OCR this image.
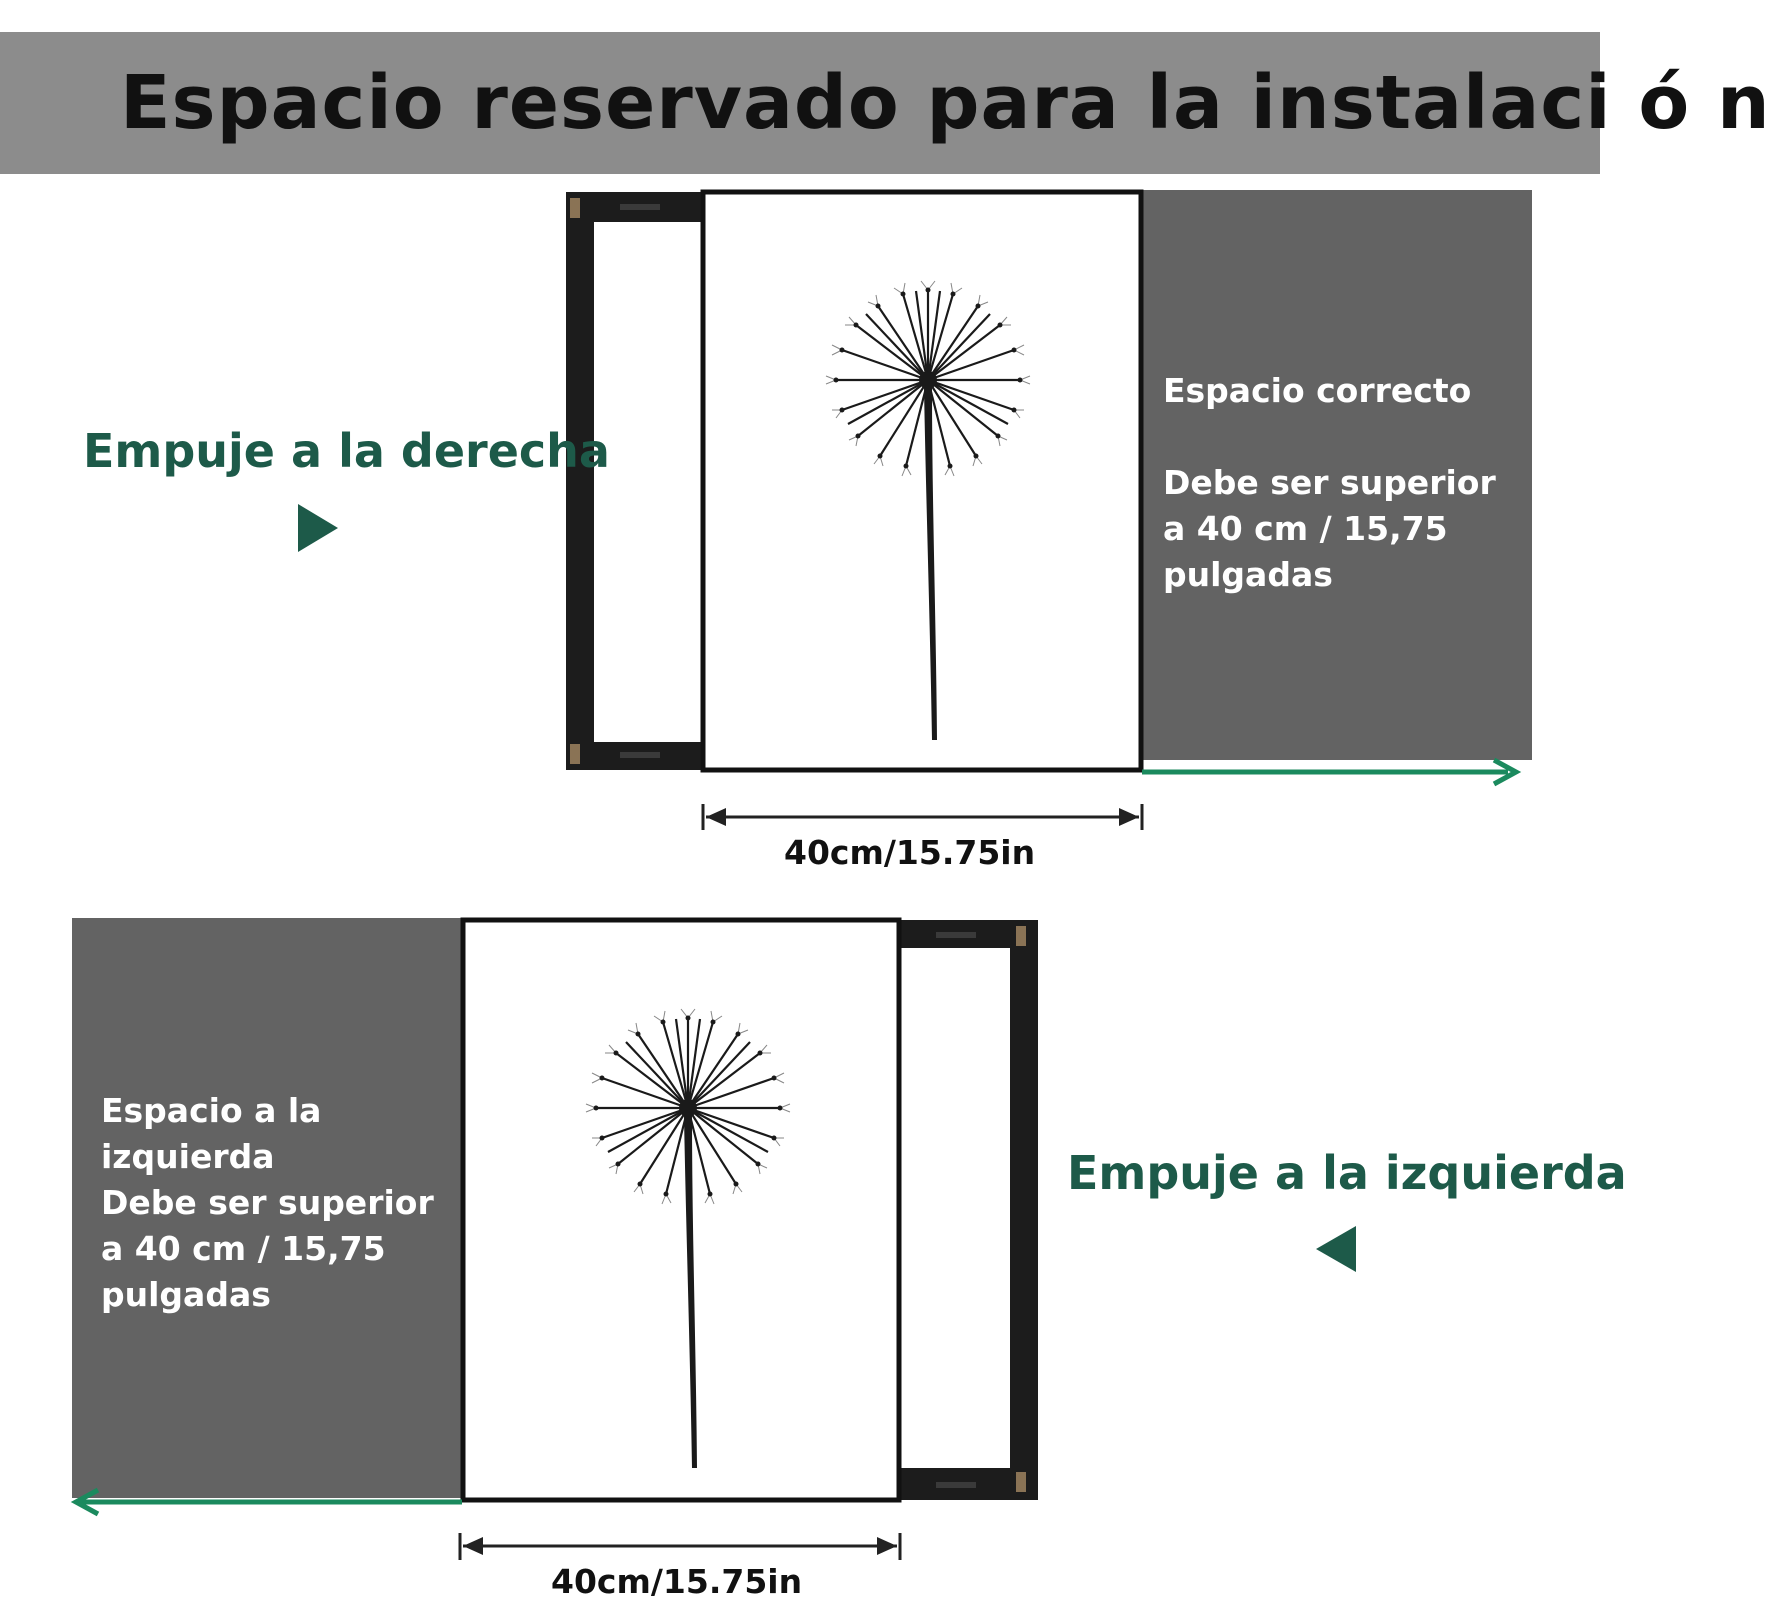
Espacio reservado para la instalaci ó n
Empuje a la derecha
Espacio correcto
Debe ser superior a 40 cm / 15,75 pulgadas
40cm/15.75in
Espacio a la izquierda
Debe ser superior a 40 cm / 15,75 pulgadas
Empuje a la izquierda
40cm/15.75in
